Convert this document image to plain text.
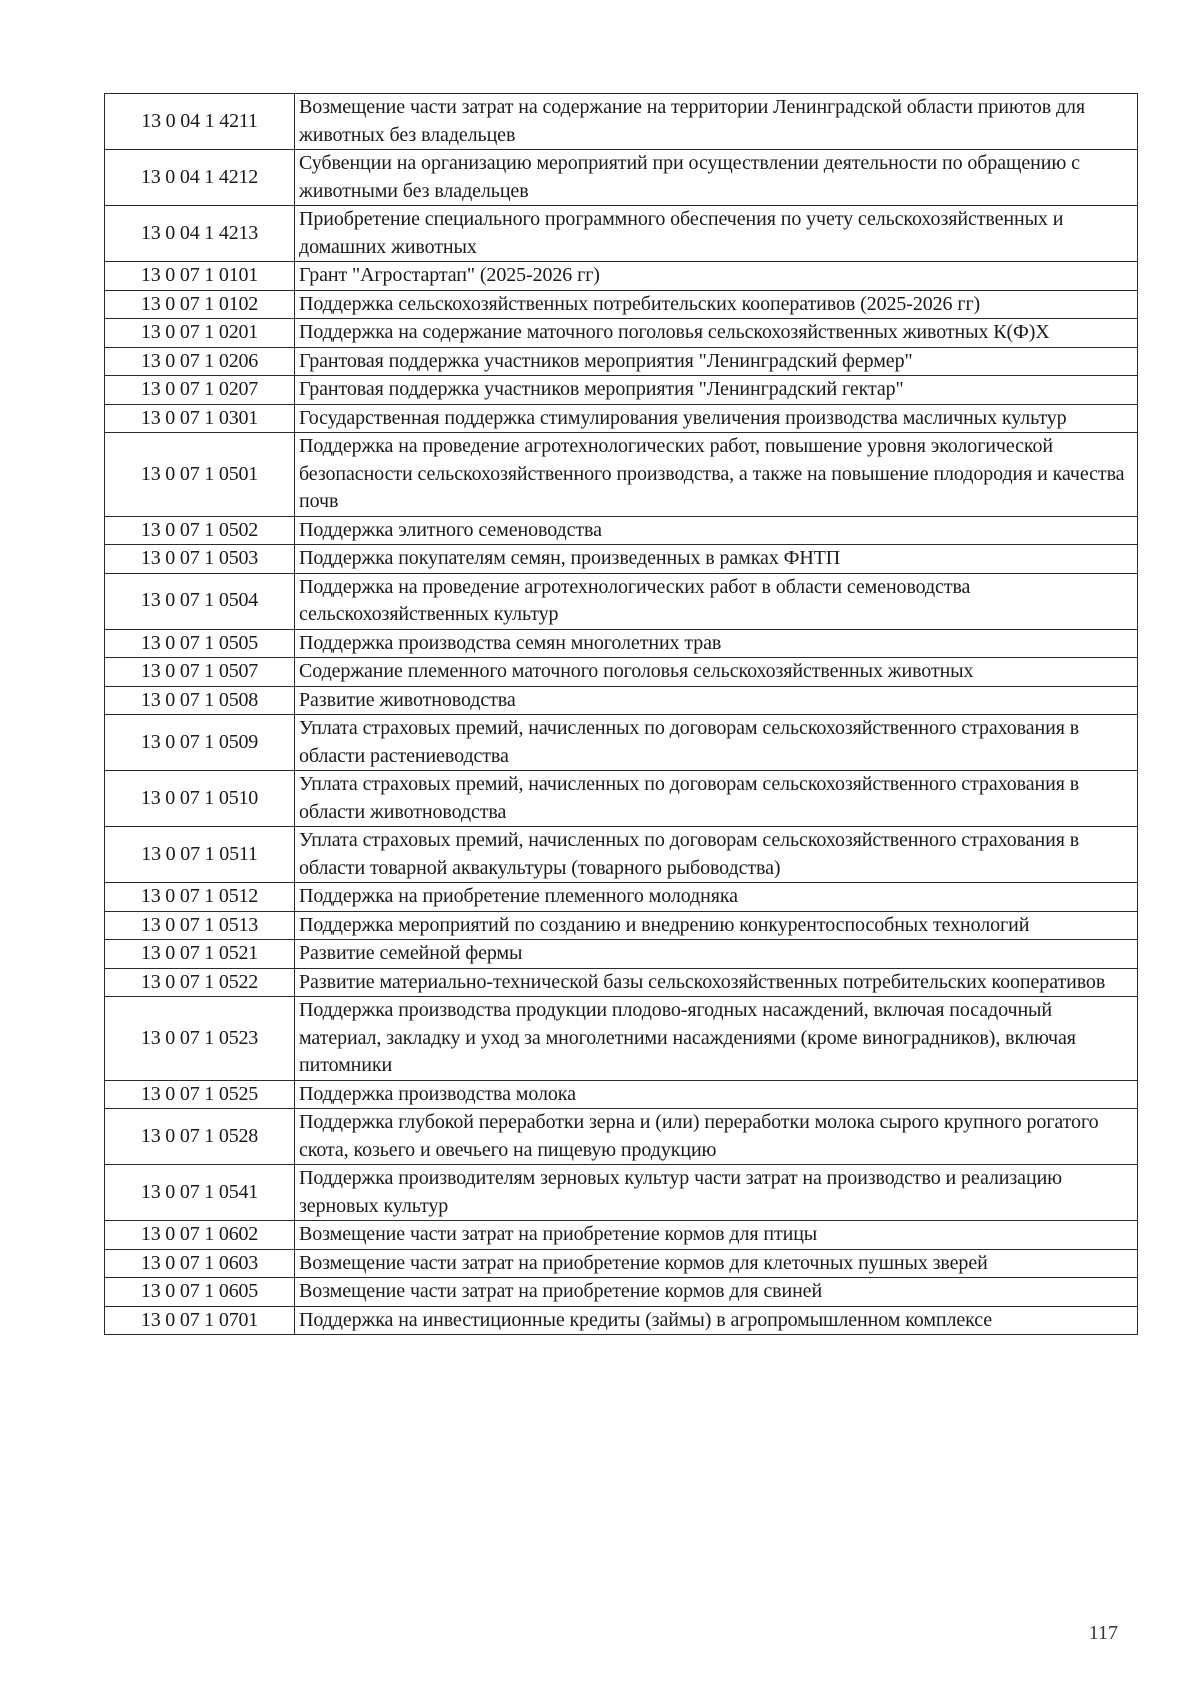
13 0 04 1 4211	Возмещение части затрат на содержание на территории Ленинградской области приютов для животных без владельцев
13 0 04 1 4212	Субвенции на организацию мероприятий при осуществлении деятельности по обращению с животными без владельцев
13 0 04 1 4213	Приобретение специального программного обеспечения по учету сельскохозяйственных и домашних животных
13 0 07 1 0101	Грант "Агростартап" (2025-2026 гг)
13 0 07 1 0102	Поддержка сельскохозяйственных потребительских кооперативов (2025-2026 гг)
13 0 07 1 0201	Поддержка на содержание маточного поголовья сельскохозяйственных животных К(Ф)Х
13 0 07 1 0206	Грантовая поддержка участников мероприятия "Ленинградский фермер"
13 0 07 1 0207	Грантовая поддержка участников мероприятия "Ленинградский гектар"
13 0 07 1 0301	Государственная поддержка стимулирования увеличения производства масличных культур
13 0 07 1 0501	Поддержка на проведение агротехнологических работ, повышение уровня экологической безопасности сельскохозяйственного производства, а также на повышение плодородия и качества почв
13 0 07 1 0502	Поддержка элитного семеноводства
13 0 07 1 0503	Поддержка покупателям семян, произведенных в рамках ФНТП
13 0 07 1 0504	Поддержка на проведение агротехнологических работ в области семеноводства сельскохозяйственных культур
13 0 07 1 0505	Поддержка производства семян многолетних трав
13 0 07 1 0507	Содержание племенного маточного поголовья сельскохозяйственных животных
13 0 07 1 0508	Развитие животноводства
13 0 07 1 0509	Уплата страховых премий, начисленных по договорам сельскохозяйственного страхования в области растениеводства
13 0 07 1 0510	Уплата страховых премий, начисленных по договорам сельскохозяйственного страхования в области животноводства
13 0 07 1 0511	Уплата страховых премий, начисленных по договорам сельскохозяйственного страхования в области товарной аквакультуры (товарного рыбоводства)
13 0 07 1 0512	Поддержка на приобретение племенного молодняка
13 0 07 1 0513	Поддержка мероприятий по созданию и внедрению конкурентоспособных технологий
13 0 07 1 0521	Развитие семейной фермы
13 0 07 1 0522	Развитие материально-технической базы сельскохозяйственных потребительских кооперативов
13 0 07 1 0523	Поддержка производства продукции плодово-ягодных насаждений, включая посадочный материал, закладку и уход за многолетними насаждениями (кроме виноградников), включая питомники
13 0 07 1 0525	Поддержка производства молока
13 0 07 1 0528	Поддержка глубокой переработки зерна и (или) переработки молока сырого крупного рогатого скота, козьего и овечьего на пищевую продукцию
13 0 07 1 0541	Поддержка производителям зерновых культур части затрат на производство и реализацию зерновых культур
13 0 07 1 0602	Возмещение части затрат на приобретение кормов для птицы
13 0 07 1 0603	Возмещение части затрат на приобретение кормов для клеточных пушных зверей
13 0 07 1 0605	Возмещение части затрат на приобретение кормов для свиней
13 0 07 1 0701	Поддержка на инвестиционные кредиты (займы) в агропромышленном комплексе
117
